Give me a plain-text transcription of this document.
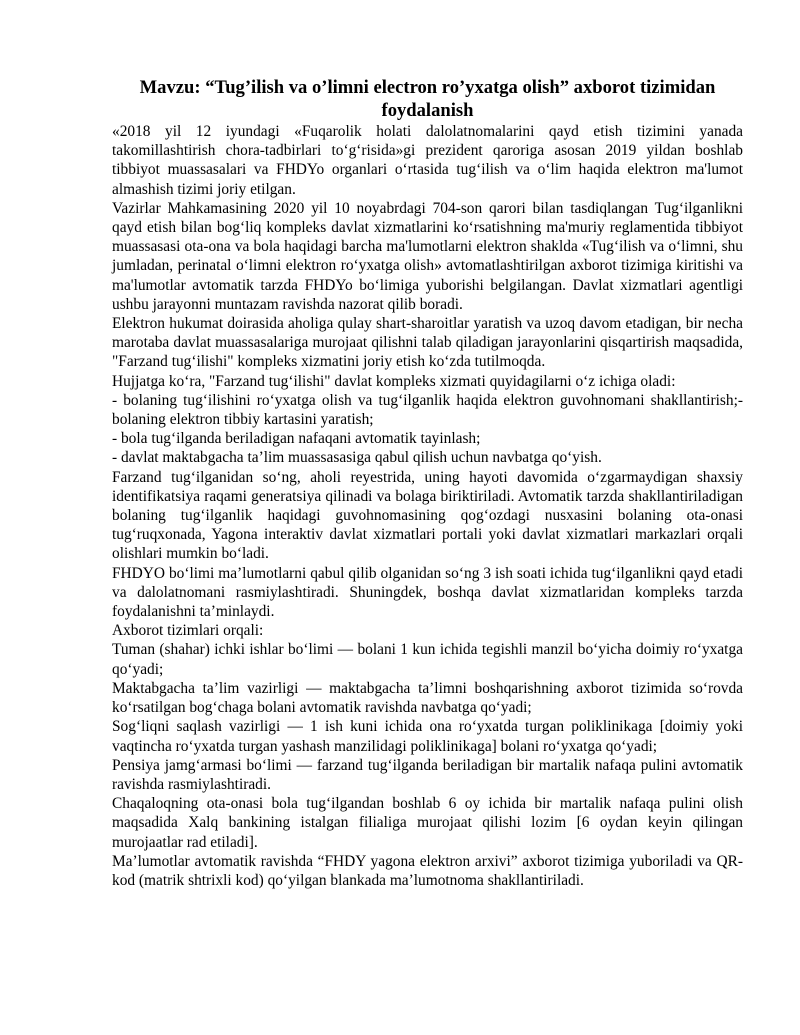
Mavzu: “Tug’ilish va o’limni electron ro’yxatga olish” axborot tizimidan foydalanish

«2018 yil 12 iyundagi «Fuqarolik holati dalolatnomalarini qayd etish tizimini yanada takomillashtirish chora-tadbirlari to‘g‘risida»gi prezident qaroriga asosan 2019 yildan boshlab tibbiyot muassasalari va FHDYo organlari o‘rtasida tug‘ilish va o‘lim haqida elektron ma'lumot almashish tizimi joriy etilgan.

Vazirlar Mahkamasining 2020 yil 10 noyabrdagi 704-son qarori bilan tasdiqlangan Tug‘ilganlikni qayd etish bilan bog‘liq kompleks davlat xizmatlarini ko‘rsatishning ma'muriy reglamentida tibbiyot muassasasi ota-ona va bola haqidagi barcha ma'lumotlarni elektron shaklda «Tug‘ilish va o‘limni, shu jumladan, perinatal o‘limni elektron ro‘yxatga olish» avtomatlashtirilgan axborot tizimiga kiritishi va ma'lumotlar avtomatik tarzda FHDYo bo‘limiga yuborishi belgilangan. Davlat xizmatlari agentligi ushbu jarayonni muntazam ravishda nazorat qilib boradi.

Elektron hukumat doirasida aholiga qulay shart-sharoitlar yaratish va uzoq davom etadigan, bir necha marotaba davlat muassasalariga murojaat qilishni talab qiladigan jarayonlarini qisqartirish maqsadida, "Farzand tug‘ilishi" kompleks xizmatini joriy etish ko‘zda tutilmoqda.

Hujjatga ko‘ra, "Farzand tug‘ilishi" davlat kompleks xizmati quyidagilarni o‘z ichiga oladi:

- bolaning tug‘ilishini ro‘yxatga olish va tug‘ilganlik haqida elektron guvohnomani shakllantirish;- bolaning elektron tibbiy kartasini yaratish;

- bola tug‘ilganda beriladigan nafaqani avtomatik tayinlash;

- davlat maktabgacha ta’lim muassasasiga qabul qilish uchun navbatga qo‘yish.

Farzand tug‘ilganidan so‘ng, aholi reyestrida, uning hayoti davomida o‘zgarmaydigan shaxsiy identifikatsiya raqami generatsiya qilinadi va bolaga biriktiriladi. Avtomatik tarzda shakllantiriladigan bolaning tug‘ilganlik haqidagi guvohnomasining qog‘ozdagi nusxasini bolaning ota-onasi tug‘ruqxonada, Yagona interaktiv davlat xizmatlari portali yoki davlat xizmatlari markazlari orqali olishlari mumkin bo‘ladi.

FHDYO bo‘limi ma’lumotlarni qabul qilib olganidan so‘ng 3 ish soati ichida tug‘ilganlikni qayd etadi va dalolatnomani rasmiylashtiradi. Shuningdek, boshqa davlat xizmatlaridan kompleks tarzda foydalanishni ta’minlaydi.

Axborot tizimlari orqali:

Tuman (shahar) ichki ishlar bo‘limi — bolani 1 kun ichida tegishli manzil bo‘yicha doimiy ro‘yxatga qo‘yadi;

Maktabgacha ta’lim vazirligi — maktabgacha ta’limni boshqarishning axborot tizimida so‘rovda ko‘rsatilgan bog‘chaga bolani avtomatik ravishda navbatga qo‘yadi;

Sog‘liqni saqlash vazirligi — 1 ish kuni ichida ona ro‘yxatda turgan poliklinikaga [doimiy yoki vaqtincha ro‘yxatda turgan yashash manzilidagi poliklinikaga] bolani ro‘yxatga qo‘yadi;

Pensiya jamg‘armasi bo‘limi — farzand tug‘ilganda beriladigan bir martalik nafaqa pulini avtomatik ravishda rasmiylashtiradi.

Chaqaloqning ota-onasi bola tug‘ilgandan boshlab 6 oy ichida bir martalik nafaqa pulini olish maqsadida Xalq bankining istalgan filialiga murojaat qilishi lozim [6 oydan keyin qilingan murojaatlar rad etiladi].

Ma’lumotlar avtomatik ravishda “FHDY yagona elektron arxivi” axborot tizimiga yuboriladi va QR-kod (matrik shtrixli kod) qo‘yilgan blankada ma’lumotnoma shakllantiriladi.
